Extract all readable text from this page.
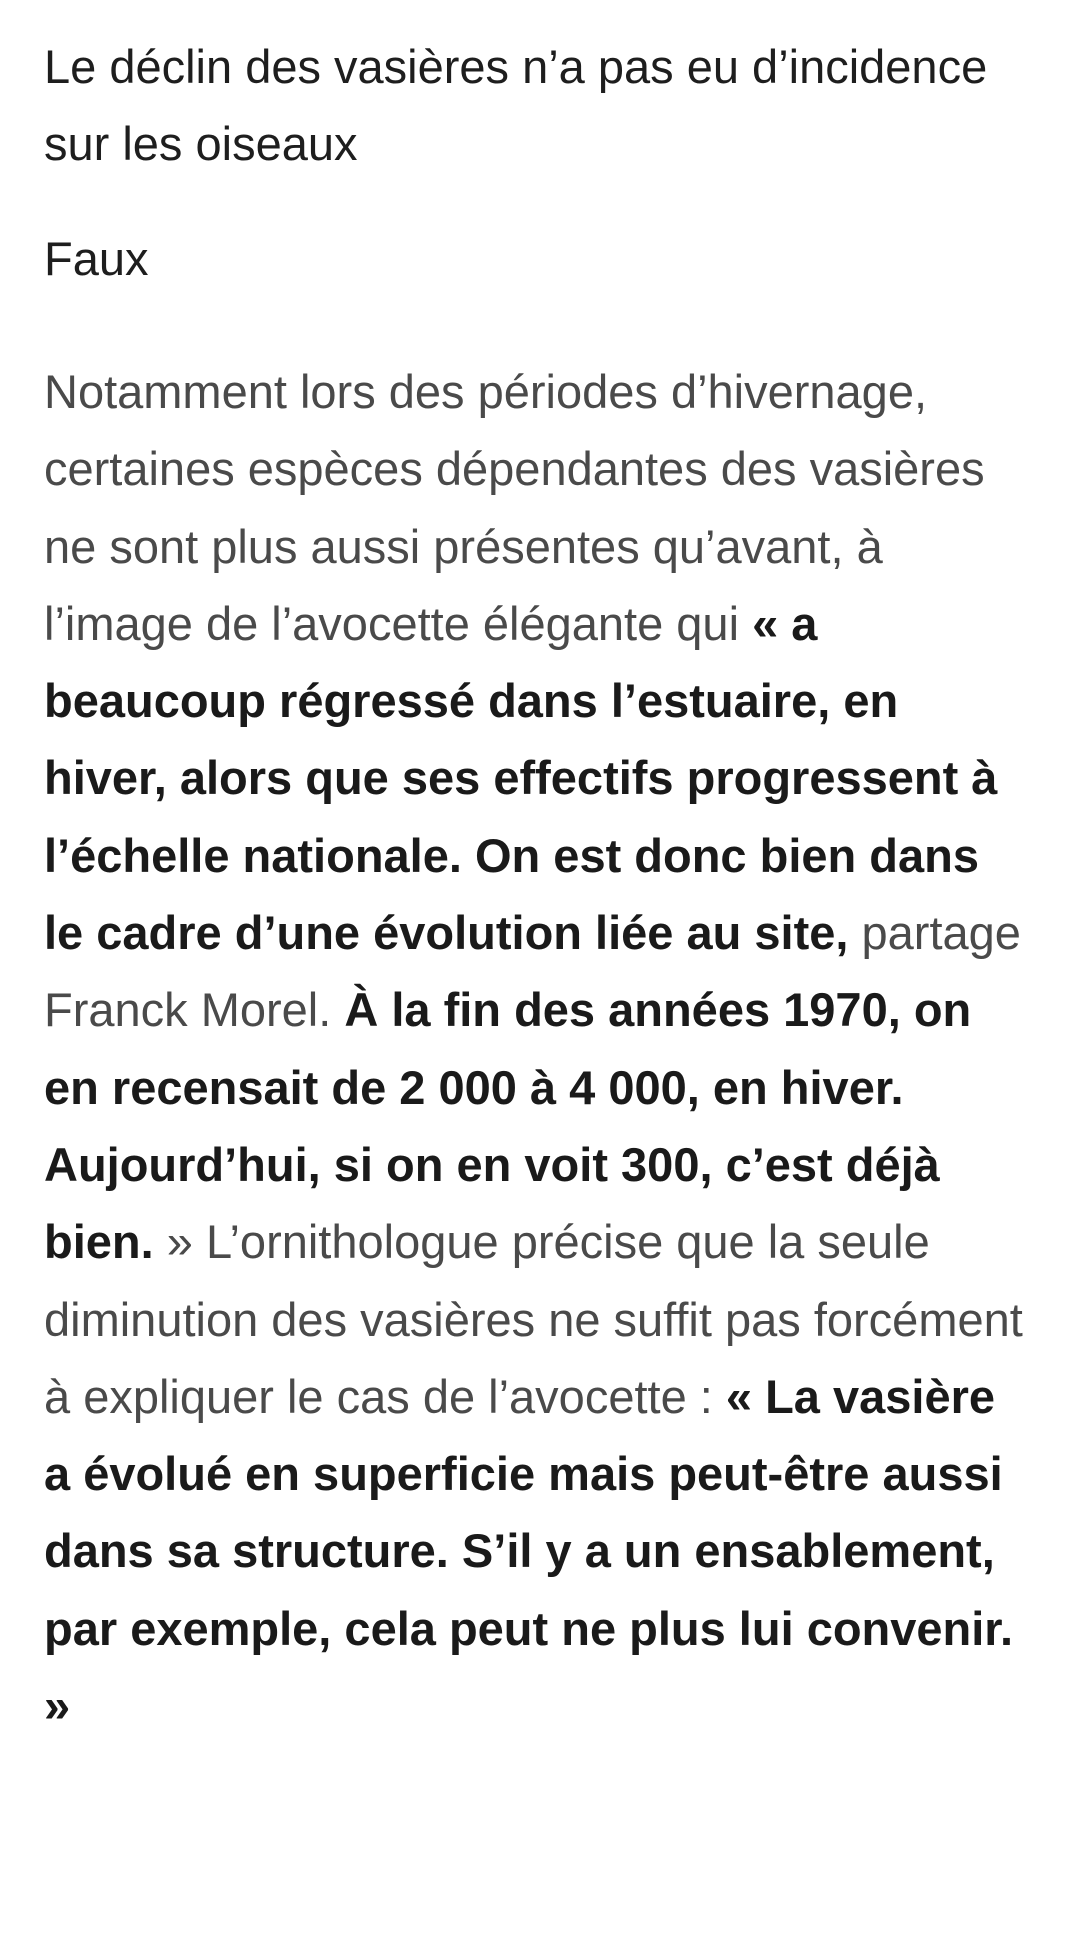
Le déclin des vasières n’a pas eu d’incidence sur les oiseaux

Faux

Notamment lors des périodes d’hivernage, certaines espèces dépendantes des vasières ne sont plus aussi présentes qu’avant, à l’image de l’avocette élégante qui « a beaucoup régressé dans l’estuaire, en hiver, alors que ses effectifs progressent à l’échelle nationale. On est donc bien dans le cadre d’une évolution liée au site, partage Franck Morel. À la fin des années 1970, on en recensait de 2 000 à 4 000, en hiver. Aujourd’hui, si on en voit 300, c’est déjà bien. » L’ornithologue précise que la seule diminution des vasières ne suffit pas forcément à expliquer le cas de l’avocette : « La vasière a évolué en superficie mais peut-être aussi dans sa structure. S’il y a un ensablement, par exemple, cela peut ne plus lui convenir. »
